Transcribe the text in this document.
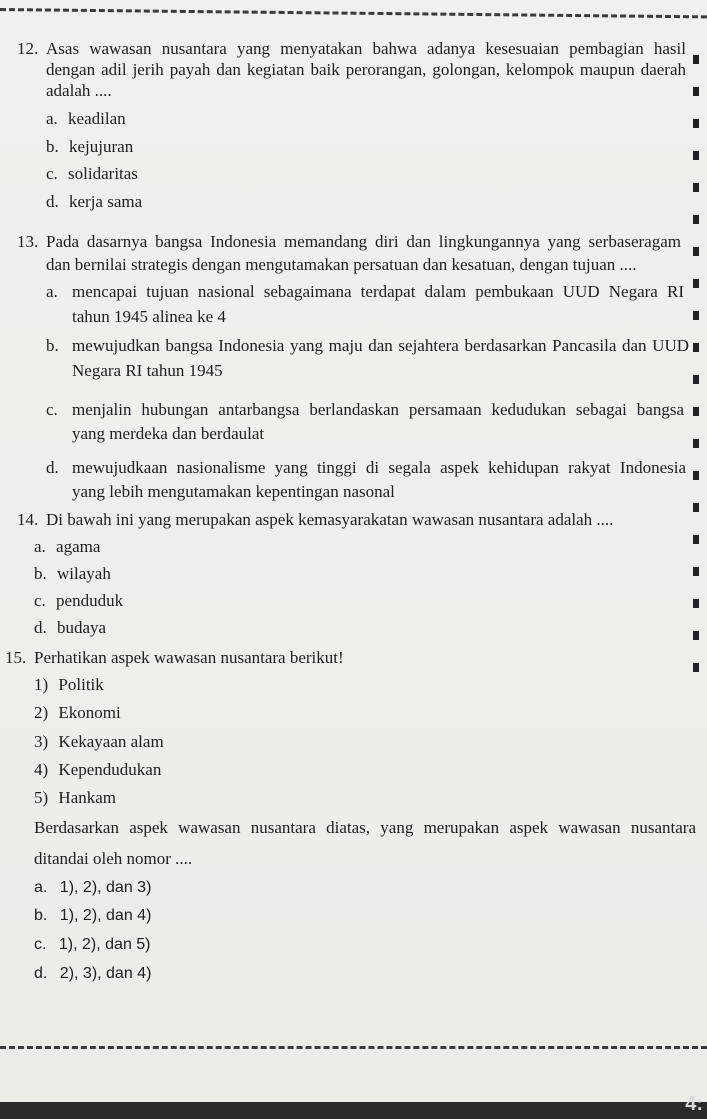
12. Asas wawasan nusantara yang menyatakan bahwa adanya kesesuaian pembagian hasil
dengan adil jerih payah dan kegiatan baik perorangan, golongan, kelompok maupun daerah
adalah ....
a. keadilan
b. kejujuran
c. solidaritas
d. kerja sama
13. Pada dasarnya bangsa Indonesia memandang diri dan lingkungannya yang serbaseragam
dan bernilai strategis dengan mengutamakan persatuan dan kesatuan, dengan tujuan ....
a. mencapai tujuan nasional sebagaimana terdapat dalam pembukaan UUD Negara RI
tahun 1945 alinea ke 4
b. mewujudkan bangsa Indonesia yang maju dan sejahtera berdasarkan Pancasila dan UUD
Negara RI tahun 1945
c. menjalin hubungan antarbangsa berlandaskan persamaan kedudukan sebagai bangsa
yang merdeka dan berdaulat
d. mewujudkaan nasionalisme yang tinggi di segala aspek kehidupan rakyat Indonesia
yang lebih mengutamakan kepentingan nasonal
14. Di bawah ini yang merupakan aspek kemasyarakatan wawasan nusantara adalah ....
a. agama
b. wilayah
c. penduduk
d. budaya
15. Perhatikan aspek wawasan nusantara berikut!
1) Politik
2) Ekonomi
3) Kekayaan alam
4) Kependudukan
5) Hankam
Berdasarkan aspek wawasan nusantara diatas, yang merupakan aspek wawasan nusantara
ditandai oleh nomor ....
a. 1), 2), dan 3)
b. 1), 2), dan 4)
c. 1), 2), dan 5)
d. 2), 3), dan 4)
4:
